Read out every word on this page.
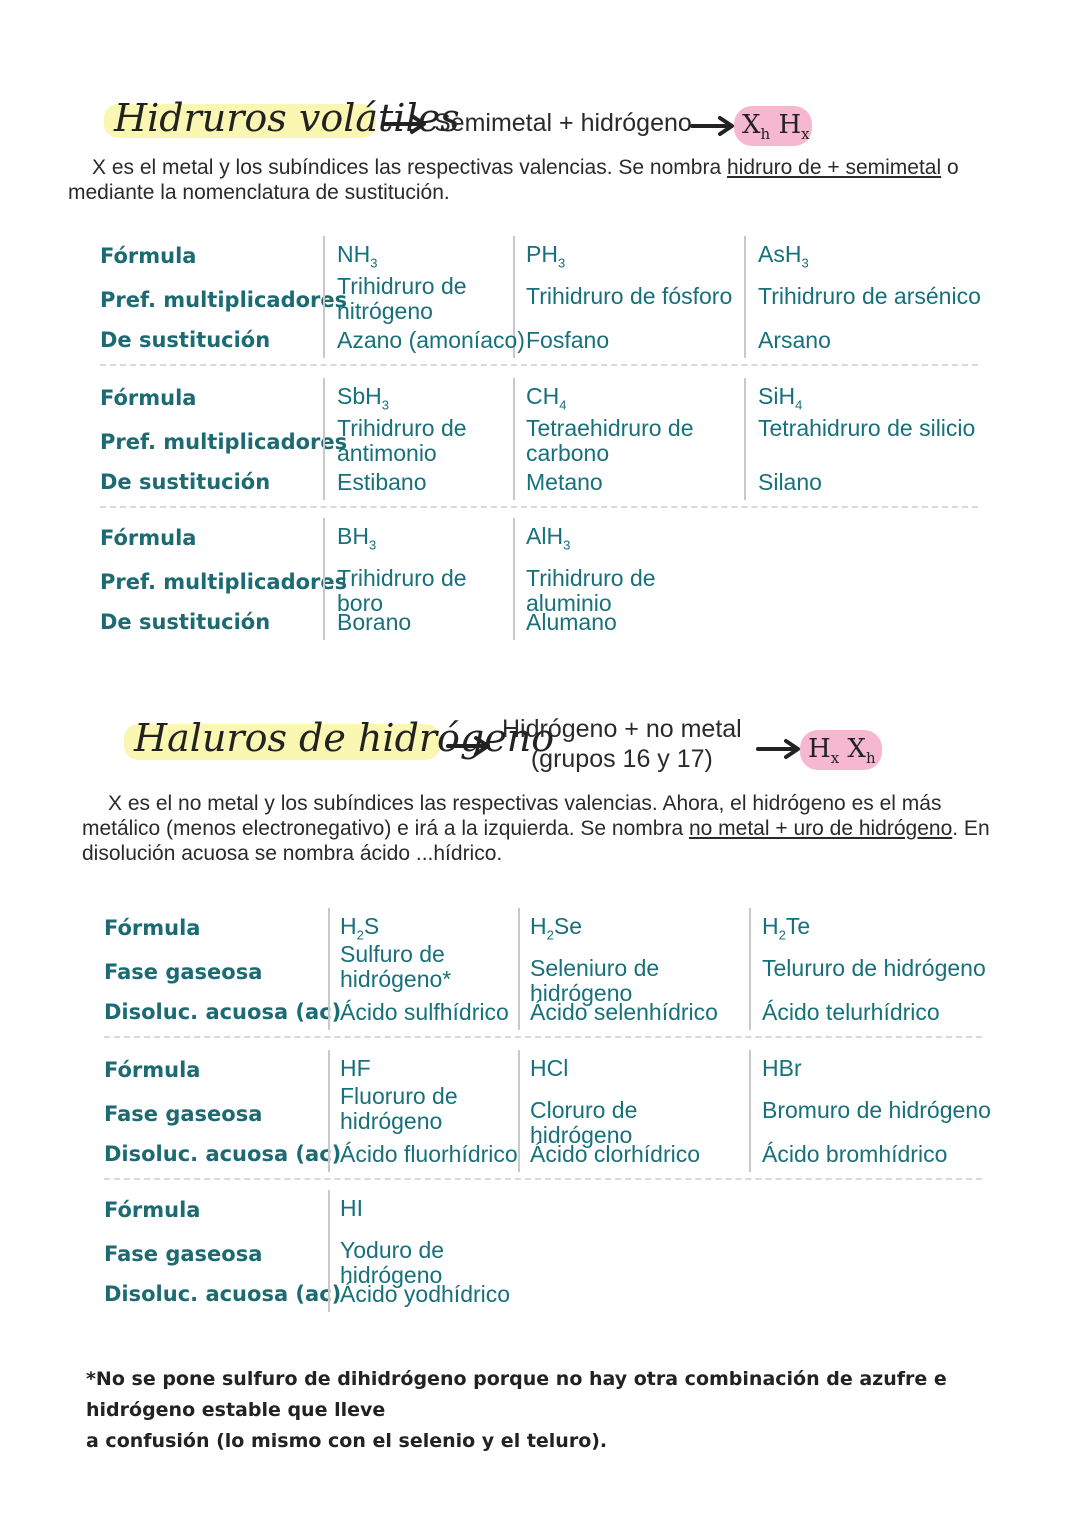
Hidruros volátiles
Semimetal + hidrógeno $X_h$ $H_x$
X es el metal y los subíndices las respectivas valencias. Se nombra hidruro de + semimetal o
mediante la nomenclatura de sustitución.
Fórmula
Pref. multiplicadores
De sustitución
$NH_3$
Trihidruro de nitrógeno
Azano (amoníaco)
$PH_3$
Trihidruro de fósforo
Fosfano
AsH$_3$
Trihidruro de arsénico
Arsano
Fórmula
Pref. multiplicadores
De sustitución
SbH$_3$
Trihidruro de antimonio
Estibano
$CH_4$
Tetraehidruro de carbono
Metano
SiH$_4$
Tetrahidruro de silicio
Silano
Fórmula
Pref. multiplicadores
De sustitución
$BH_3$
Trihidruro de boro
Borano
AlH$_3$
Trihidruro de aluminio
Alumano
Haluros de hidrógeno
Hidrógeno + no metal
(grupos 16 y 17)	$H_x$ $X_h$
X es el no metal y los subíndices las respectivas valencias. Ahora, el hidrógeno es el más
metálico (menos electronegativo) e irá a la izquierda. Se nombra no metal + uro de hidrógeno. En
disolución acuosa se nombra ácido ...hídrico.
Fórmula
Fase gaseosa
Disoluc. acuosa (ac)
$H_2S$
Sulfuro de hidrógeno*
Ácido sulfhídrico
$H_2Se$
Seleniuro de hidrógeno
Ácido selenhídrico
$H_2Te$
Telururo de hidrógeno
Ácido telurhídrico
Fórmula
Fase gaseosa
Disoluc. acuosa (ac)
HF
Fluoruro de hidrógeno
Ácido fluorhídrico
HCl
Cloruro de hidrógeno
Ácido clorhídrico
HBr
Bromuro de hidrógeno
Ácido bromhídrico
Fórmula
Fase gaseosa
Disoluc. acuosa (ac)
HI
Yoduro de hidrógeno
Ácido yodhídrico
*No se pone sulfuro de dihidrógeno porque no hay otra combinación de azufre e hidrógeno estable que lleve
a confusión (lo mismo con el selenio y el teluro).
